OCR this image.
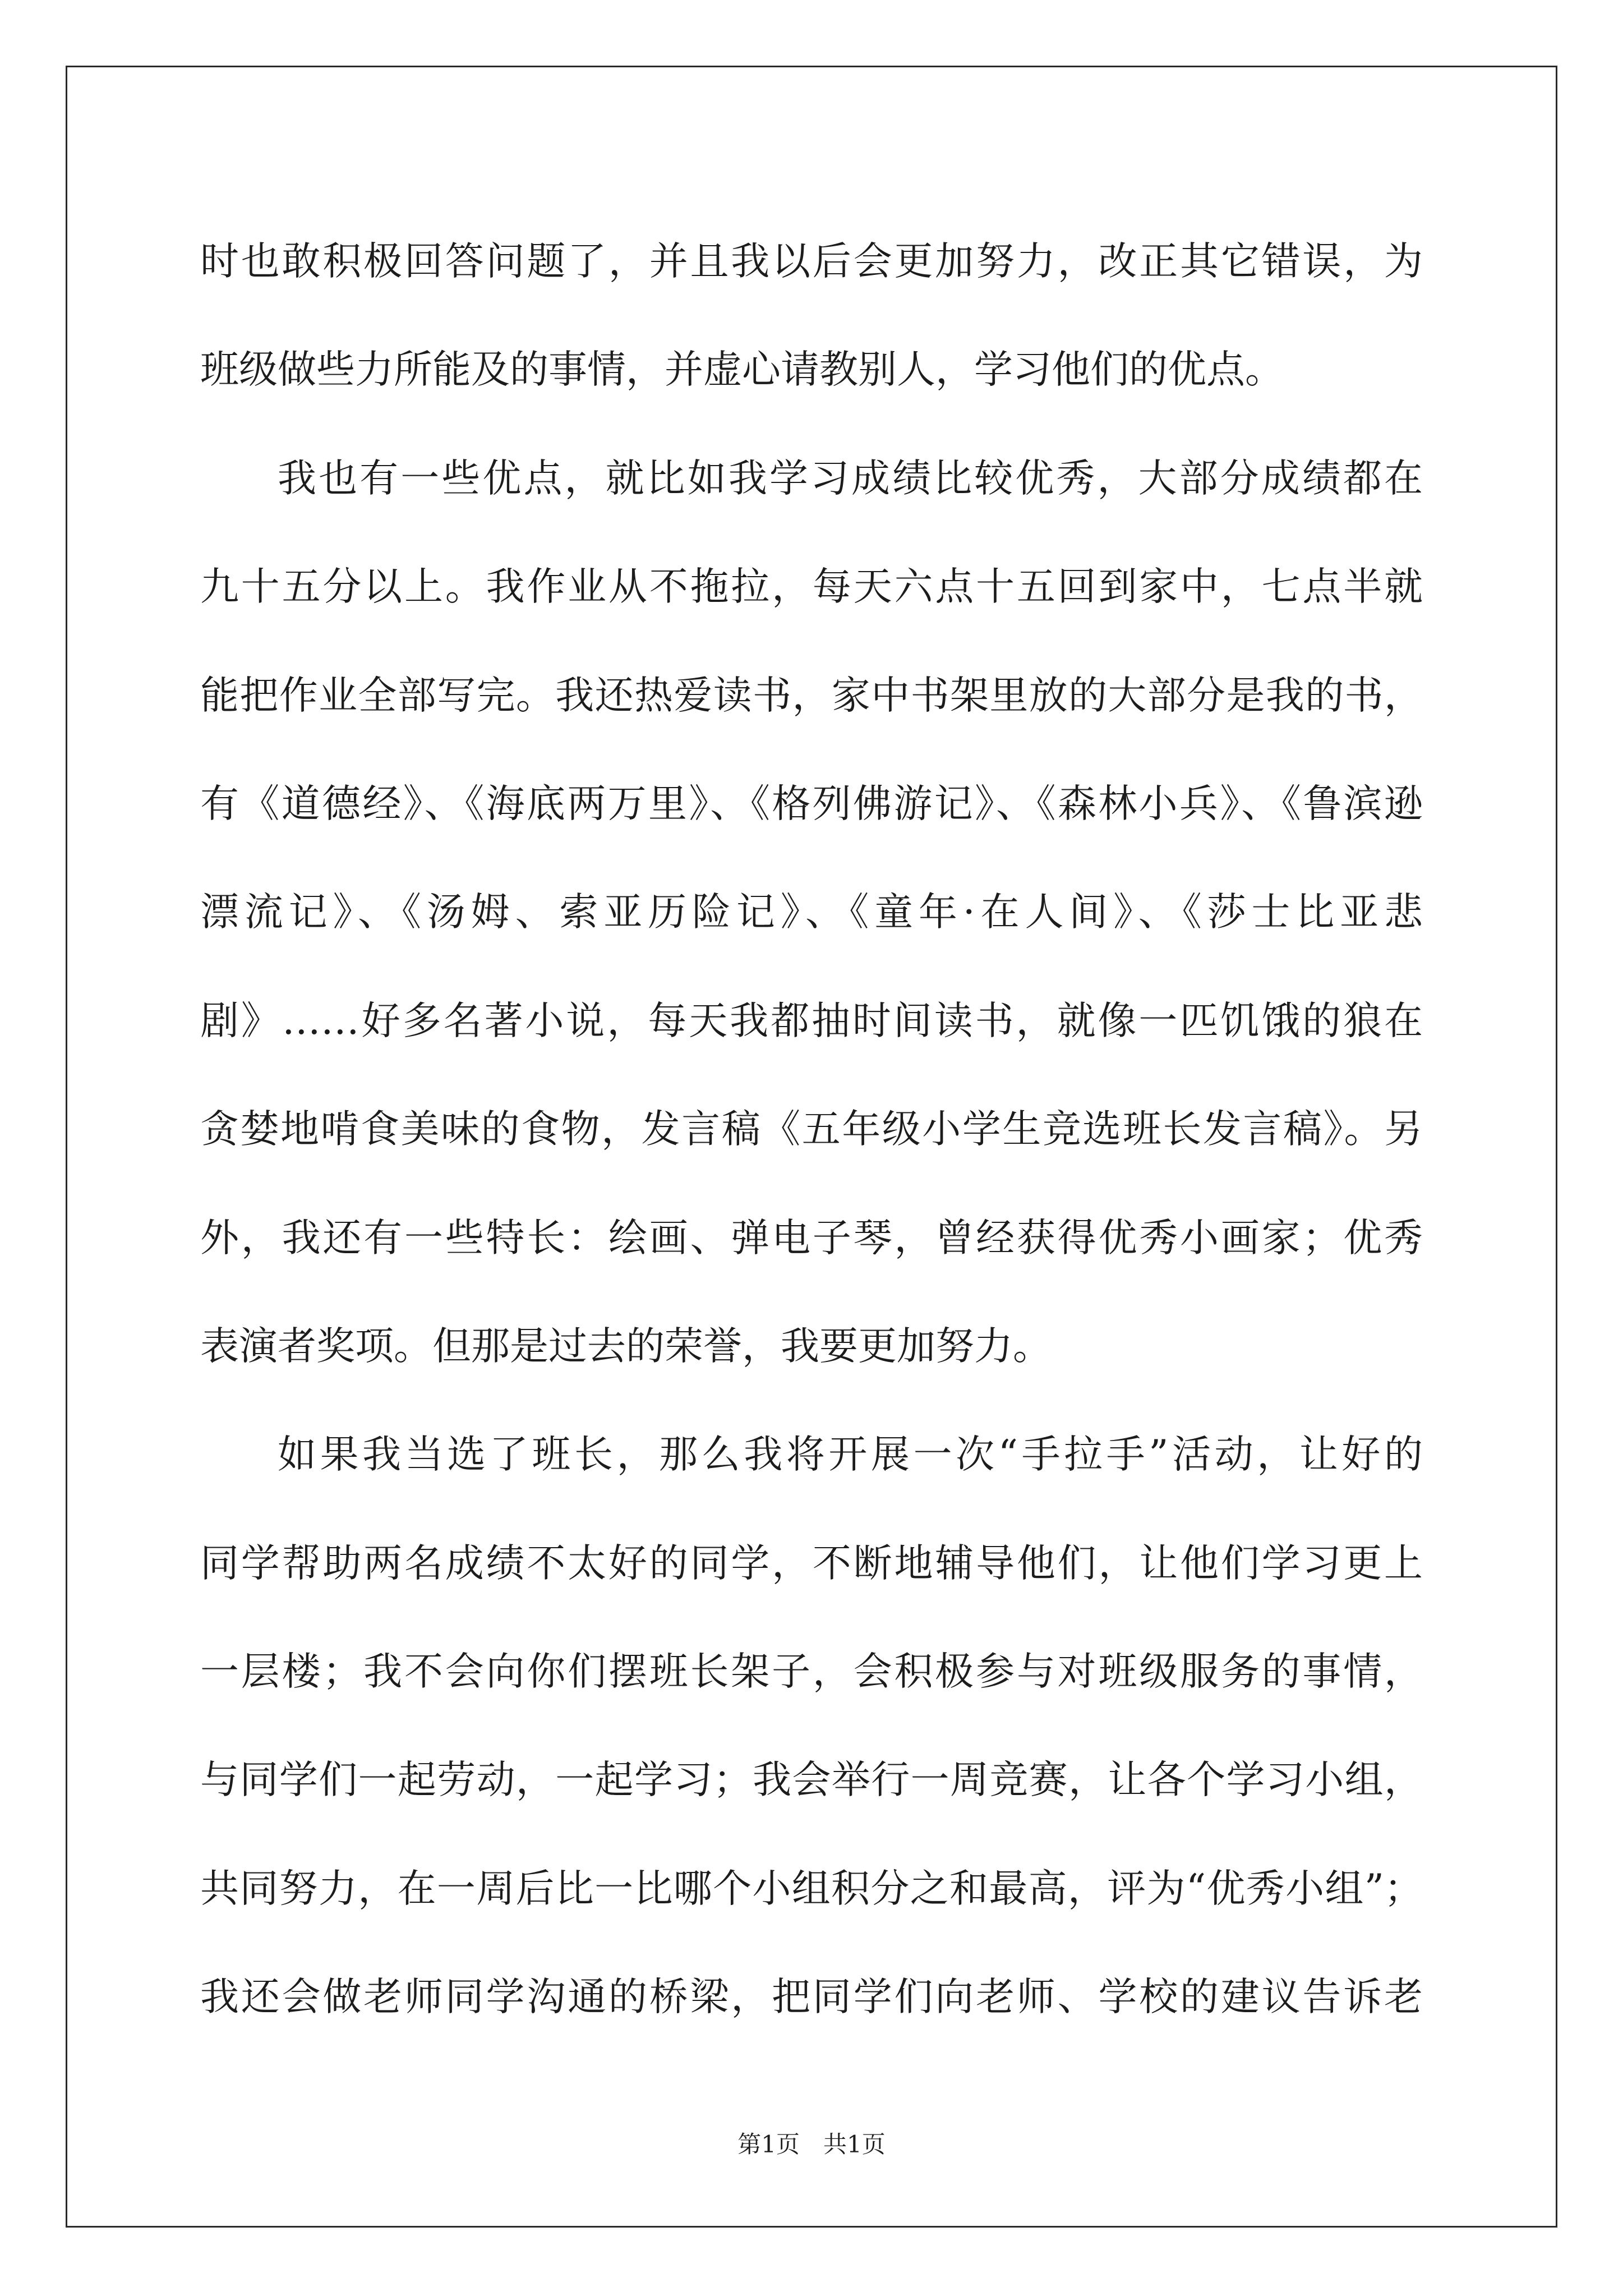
时也敢积极回答问题了，并且我以后会更加努力，改正其它错误，为
班级做些力所能及的事情，并虚心请教别人，学习他们的优点。
我也有一些优点，就比如我学习成绩比较优秀，大部分成绩都在
九十五分以上。我作业从不拖拉，每天六点十五回到家中，七点半就
能把作业全部写完。我还热爱读书，家中书架里放的大部分是我的书，
有《道德经》、《海底两万里》、《格列佛游记》、《森林小兵》、《鲁滨逊
漂流记》、《汤姆、索亚历险记》、《童年·在人间》、《莎士比亚悲
剧》……好多名著小说，每天我都抽时间读书，就像一匹饥饿的狼在
贪婪地啃食美味的食物，发言稿《五年级小学生竞选班长发言稿》。另
外，我还有一些特长：绘画、弹电子琴，曾经获得优秀小画家；优秀
表演者奖项。但那是过去的荣誉，我要更加努力。
如果我当选了班长，那么我将开展一次“手拉手”活动，让好的
同学帮助两名成绩不太好的同学，不断地辅导他们，让他们学习更上
一层楼；我不会向你们摆班长架子，会积极参与对班级服务的事情，
与同学们一起劳动，一起学习；我会举行一周竞赛，让各个学习小组，
共同努力，在一周后比一比哪个小组积分之和最高，评为“优秀小组”；
我还会做老师同学沟通的桥梁，把同学们向老师、学校的建议告诉老
第1页　共1页
